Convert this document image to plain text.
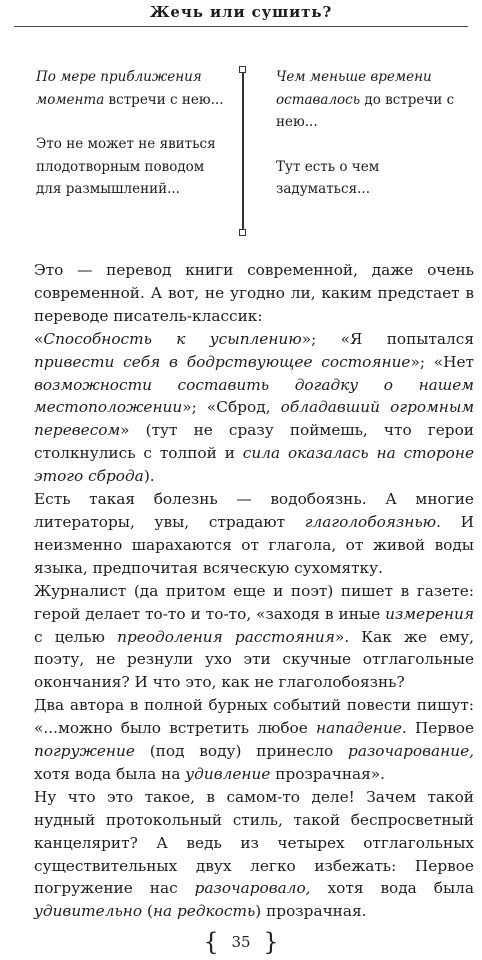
Жечь или сушить?

По мере приближения момента встречи с нею...

Это не может не явиться плодотворным поводом для размышлений...

Чем меньше времени оставалось до встречи с нею...

Тут есть о чем задуматься...

Это — перевод книги современной, даже очень современной. А вот, не угодно ли, каким предстает в переводе писатель-классик:

«Способность к усыплению»; «Я попытался привести себя в бодрствующее состояние»; «Нет возможности составить догадку о нашем местоположении»; «Сброд, обладавший огромным перевесом» (тут не сразу поймешь, что герои столкнулись с толпой и сила оказалась на стороне этого сброда).

Есть такая болезнь — водобоязнь. А многие литераторы, увы, страдают глаголобоязнью. И неизменно шарахаются от глагола, от живой воды языка, предпочитая всяческую сухомятку.

Журналист (да притом еще и поэт) пишет в газете: герой делает то-то и то-то, «заходя в иные измерения с целью преодоления расстояния». Как же ему, поэту, не резнули ухо эти скучные отглагольные окончания? И что это, как не глаголобоязнь?

Два автора в полной бурных событий повести пишут: «...можно было встретить любое нападение. Первое погружение (под воду) принесло разочарование, хотя вода была на удивление прозрачная».

Ну что это такое, в самом-то деле! Зачем такой нудный протокольный стиль, такой беспросветный канцелярит? А ведь из четырех отглагольных существительных двух легко избежать: Первое погружение нас разочаровало, хотя вода была удивительно (на редкость) прозрачная.

{ 35 }
